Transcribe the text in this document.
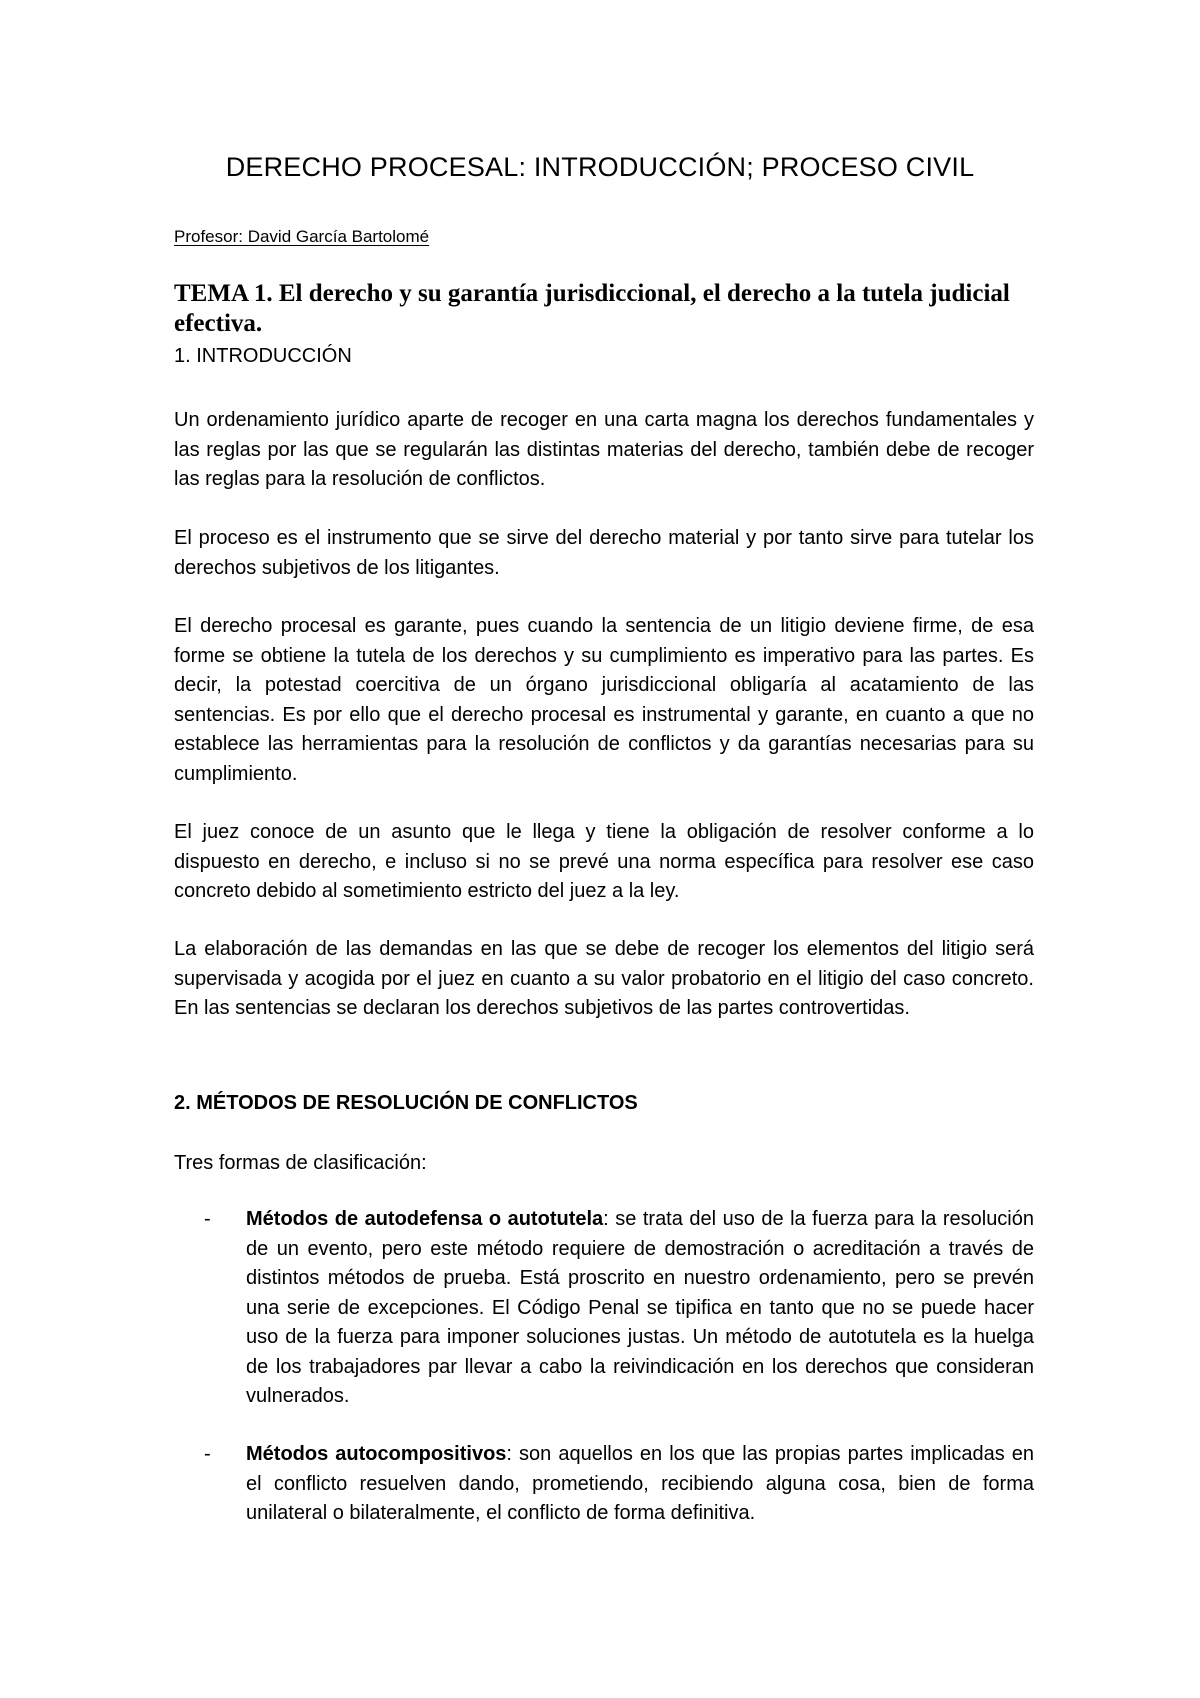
DERECHO PROCESAL: INTRODUCCIÓN; PROCESO CIVIL
Profesor: David García Bartolomé
TEMA 1. El derecho y su garantía jurisdiccional, el derecho a la tutela judicial efectiva.
1. INTRODUCCIÓN

Un ordenamiento jurídico aparte de recoger en una carta magna los derechos fundamentales y las reglas por las que se regularán las distintas materias del derecho, también debe de recoger las reglas para la resolución de conflictos.

El proceso es el instrumento que se sirve del derecho material y por tanto sirve para tutelar los derechos subjetivos de los litigantes.

El derecho procesal es garante, pues cuando la sentencia de un litigio deviene firme, de esa forme se obtiene la tutela de los derechos y su cumplimiento es imperativo para las partes. Es decir, la potestad coercitiva de un órgano jurisdiccional obligaría al acatamiento de las sentencias. Es por ello que el derecho procesal es instrumental y garante, en cuanto a que no establece las herramientas para la resolución de conflictos y da garantías necesarias para su cumplimiento.

El juez conoce de un asunto que le llega y tiene la obligación de resolver conforme a lo dispuesto en derecho, e incluso si no se prevé una norma específica para resolver ese caso concreto debido al sometimiento estricto del juez a la ley.

La elaboración de las demandas en las que se debe de recoger los elementos del litigio será supervisada y acogida por el juez en cuanto a su valor probatorio en el litigio del caso concreto. En las sentencias se declaran los derechos subjetivos de las partes controvertidas.

2. MÉTODOS DE RESOLUCIÓN DE CONFLICTOS
Tres formas de clasificación:
- Métodos de autodefensa o autotutela: se trata del uso de la fuerza para la resolución de un evento, pero este método requiere de demostración o acreditación a través de distintos métodos de prueba. Está proscrito en nuestro ordenamiento, pero se prevén una serie de excepciones. El Código Penal se tipifica en tanto que no se puede hacer uso de la fuerza para imponer soluciones justas. Un método de autotutela es la huelga de los trabajadores par llevar a cabo la reivindicación en los derechos que consideran vulnerados.
- Métodos autocompositivos: son aquellos en los que las propias partes implicadas en el conflicto resuelven dando, prometiendo, recibiendo alguna cosa, bien de forma unilateral o bilateralmente, el conflicto de forma definitiva.
